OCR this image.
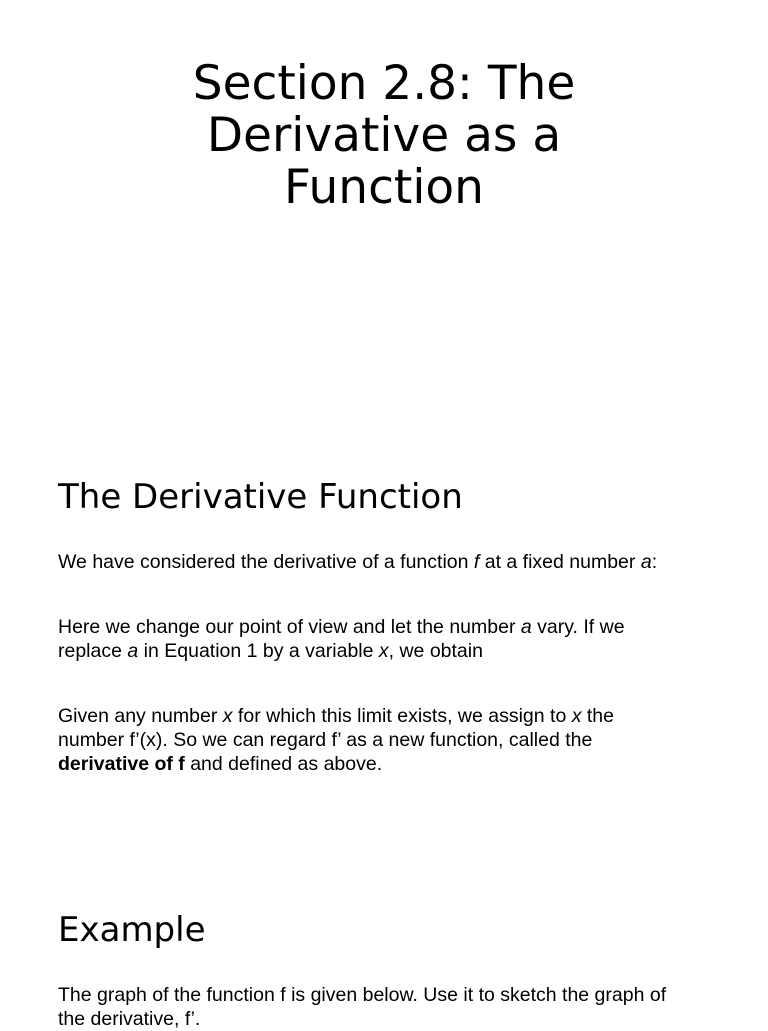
Section 2.8: The
Derivative as a
Function
The Derivative Function

We have considered the derivative of a function f at a fixed number a:

Here we change our point of view and let the number a vary. If we
replace a in Equation 1 by a variable x, we obtain

Given any number x for which this limit exists, we assign to x the
number f’(x). So we can regard f’ as a new function, called the
derivative of f and defined as above.

Example

The graph of the function f is given below. Use it to sketch the graph of
the derivative, f’.
